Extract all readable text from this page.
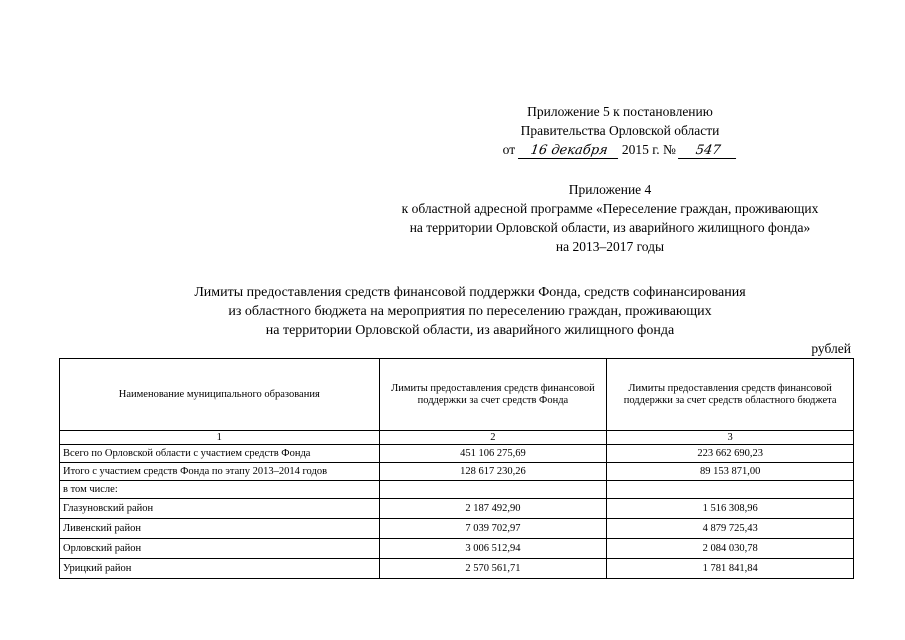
Приложение 5 к постановлению
Правительства Орловской области
от 16 декабря 2015 г. № 547
Приложение 4
к областной адресной программе «Переселение граждан, проживающих
на территории Орловской области, из аварийного жилищного фонда»
на 2013–2017 годы
Лимиты предоставления средств финансовой поддержки Фонда, средств софинансирования
из областного бюджета на мероприятия по переселению граждан, проживающих
на территории Орловской области, из аварийного жилищного фонда
рублей
Наименование муниципального образования	Лимиты предоставления средств финансовой поддержки за счет средств Фонда	Лимиты предоставления средств финансовой поддержки за счет средств областного бюджета
1	2	3
Всего по Орловской области с участием средств Фонда	451 106 275,69	223 662 690,23
Итого с участием средств Фонда по этапу 2013–2014 годов	128 617 230,26	89 153 871,00
в том числе:		
Глазуновский район	2 187 492,90	1 516 308,96
Ливенский район	7 039 702,97	4 879 725,43
Орловский район	3 006 512,94	2 084 030,78
Урицкий район	2 570 561,71	1 781 841,84
